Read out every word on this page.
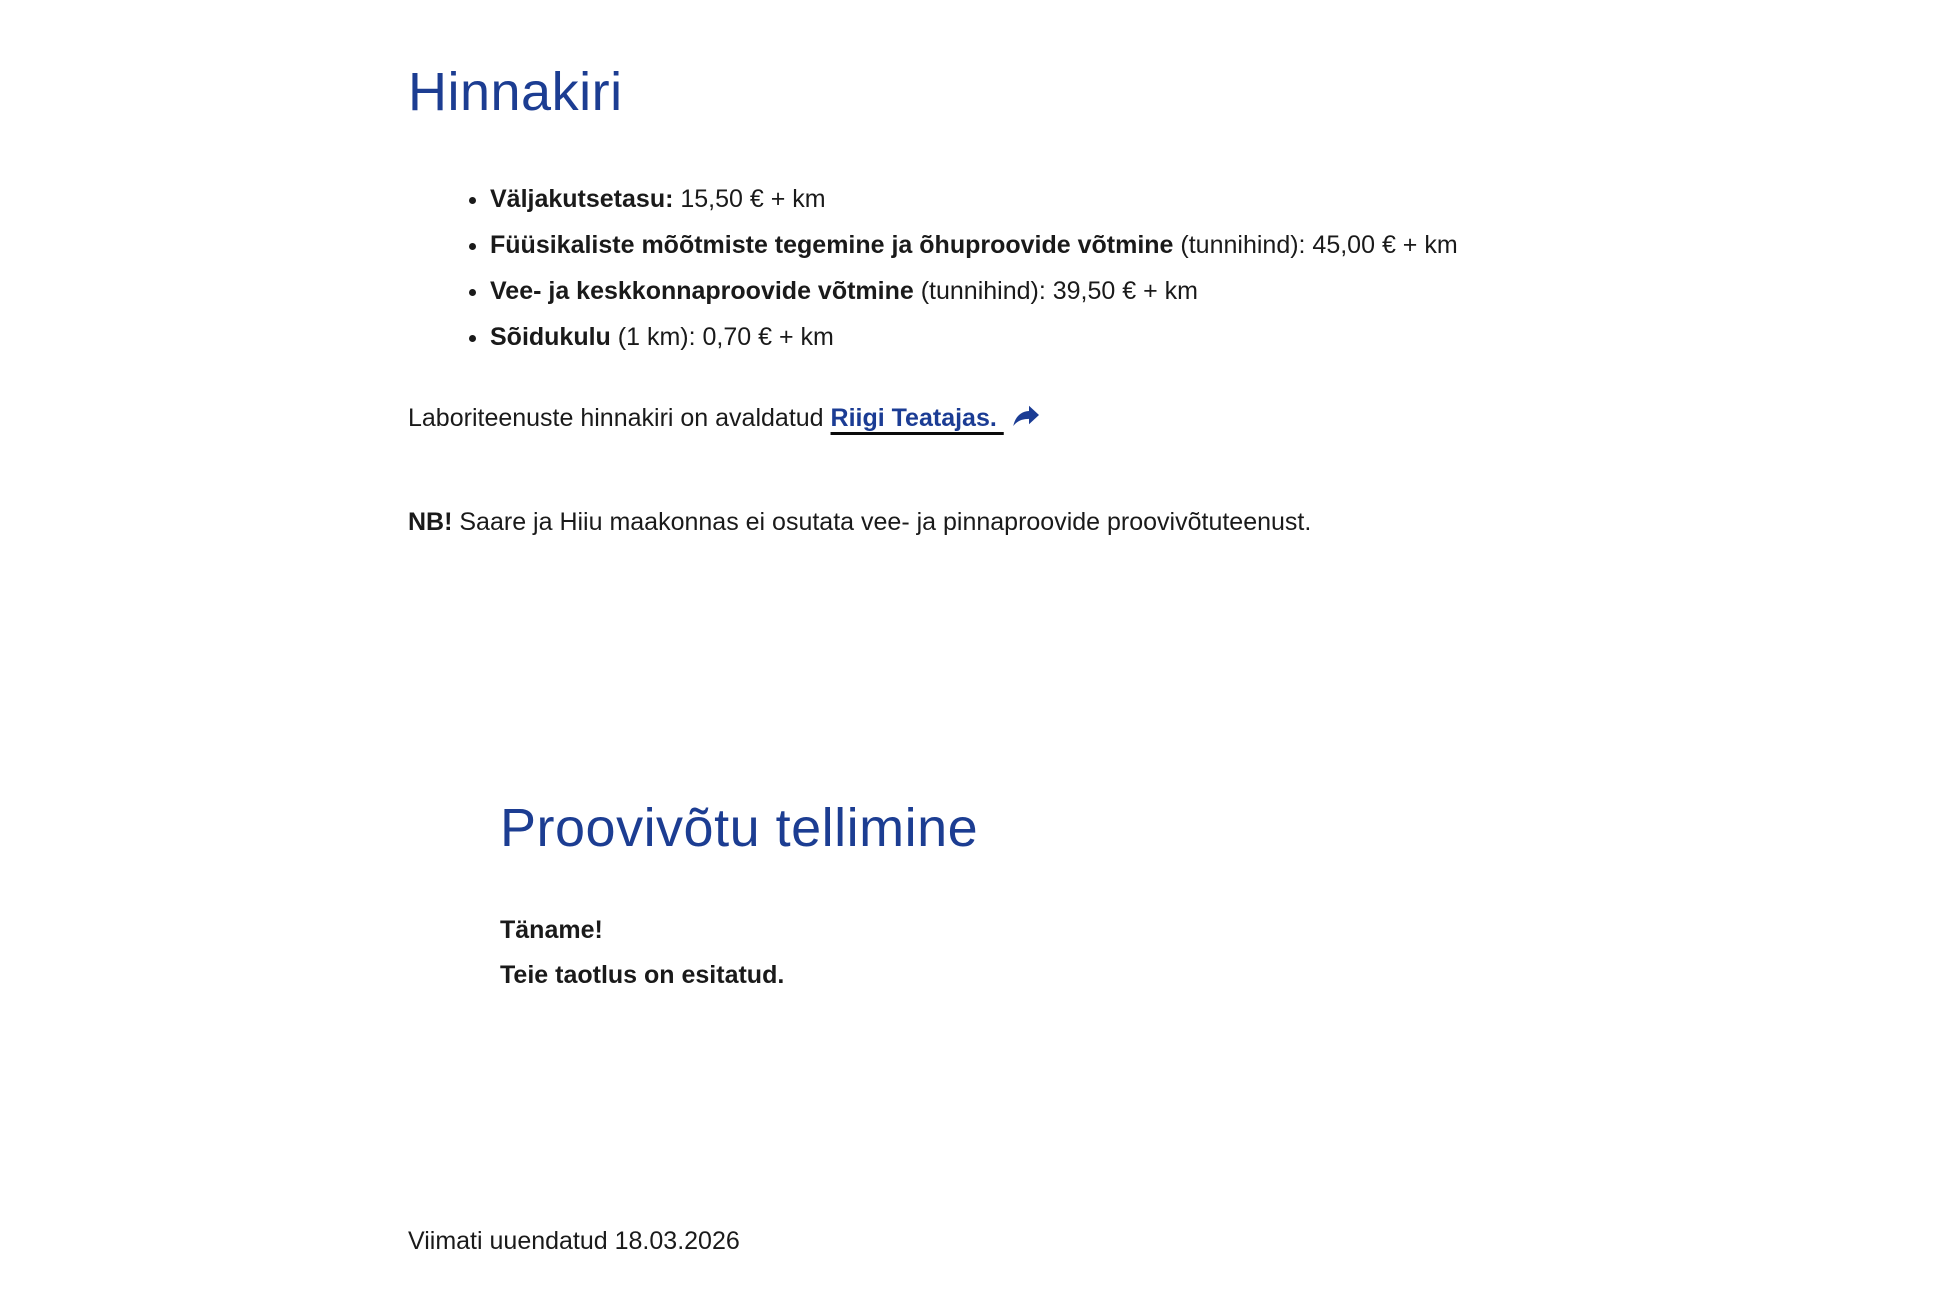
Hinnakiri
• Väljakutsetasu: 15,50 € + km
• Füüsikaliste mõõtmiste tegemine ja õhuproovide võtmine (tunnihind): 45,00 € + km
• Vee- ja keskkonnaproovide võtmine (tunnihind): 39,50 € + km
• Sõidukulu (1 km): 0,70 € + km

Laboriteenuste hinnakiri on avaldatud Riigi Teatajas.

NB! Saare ja Hiiu maakonnas ei osutata vee- ja pinnaproovide proovivõtuteenust.

Proovivõtu tellimine

Täname!
Teie taotlus on esitatud.

Viimati uuendatud 18.03.2026
